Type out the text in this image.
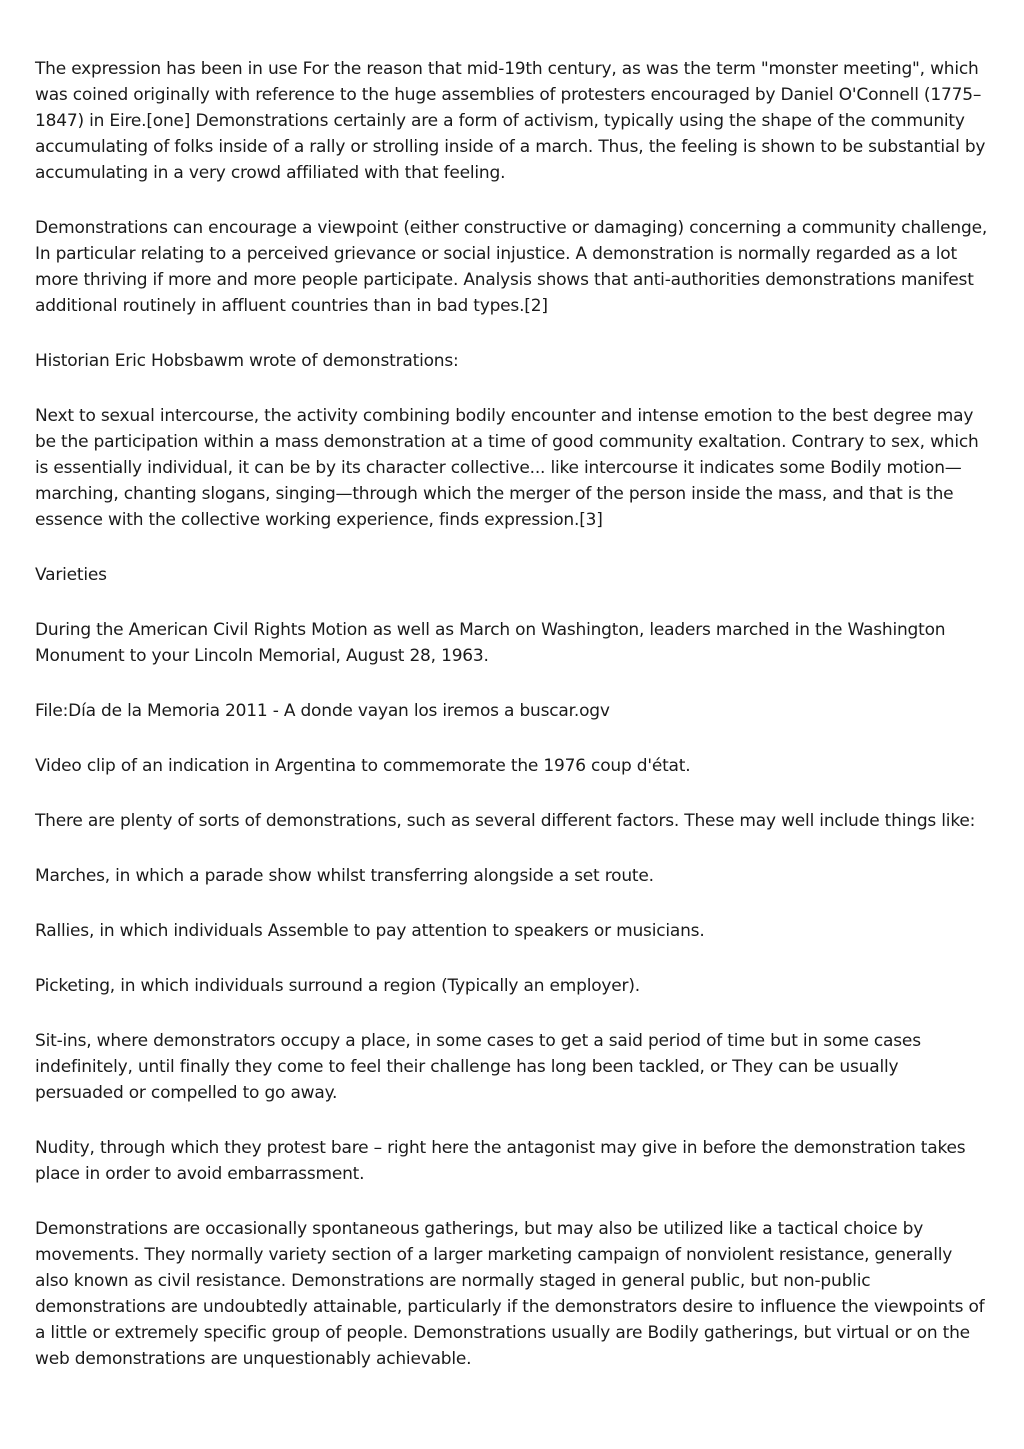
The expression has been in use For the reason that mid-19th century, as was the term "monster meeting", which was coined originally with reference to the huge assemblies of protesters encouraged by Daniel O'Connell (1775–1847) in Eire.[one] Demonstrations certainly are a form of activism, typically using the shape of the community accumulating of folks inside of a rally or strolling inside of a march. Thus, the feeling is shown to be substantial by accumulating in a very crowd affiliated with that feeling.

Demonstrations can encourage a viewpoint (either constructive or damaging) concerning a community challenge, In particular relating to a perceived grievance or social injustice. A demonstration is normally regarded as a lot more thriving if more and more people participate. Analysis shows that anti-authorities demonstrations manifest additional routinely in affluent countries than in bad types.[2]

Historian Eric Hobsbawm wrote of demonstrations:

Next to sexual intercourse, the activity combining bodily encounter and intense emotion to the best degree may be the participation within a mass demonstration at a time of good community exaltation. Contrary to sex, which is essentially individual, it can be by its character collective... like intercourse it indicates some Bodily motion—marching, chanting slogans, singing—through which the merger of the person inside the mass, and that is the essence with the collective working experience, finds expression.[3]

Varieties

During the American Civil Rights Motion as well as March on Washington, leaders marched in the Washington Monument to your Lincoln Memorial, August 28, 1963.

File:Día de la Memoria 2011 - A donde vayan los iremos a buscar.ogv

Video clip of an indication in Argentina to commemorate the 1976 coup d'état.

There are plenty of sorts of demonstrations, such as several different factors. These may well include things like:

Marches, in which a parade show whilst transferring alongside a set route.

Rallies, in which individuals Assemble to pay attention to speakers or musicians.

Picketing, in which individuals surround a region (Typically an employer).

Sit-ins, where demonstrators occupy a place, in some cases to get a said period of time but in some cases indefinitely, until finally they come to feel their challenge has long been tackled, or They can be usually persuaded or compelled to go away.

Nudity, through which they protest bare – right here the antagonist may give in before the demonstration takes place in order to avoid embarrassment.

Demonstrations are occasionally spontaneous gatherings, but may also be utilized like a tactical choice by movements. They normally variety section of a larger marketing campaign of nonviolent resistance, generally also known as civil resistance. Demonstrations are normally staged in general public, but non-public demonstrations are undoubtedly attainable, particularly if the demonstrators desire to influence the viewpoints of a little or extremely specific group of people. Demonstrations usually are Bodily gatherings, but virtual or on the web demonstrations are unquestionably achievable.
